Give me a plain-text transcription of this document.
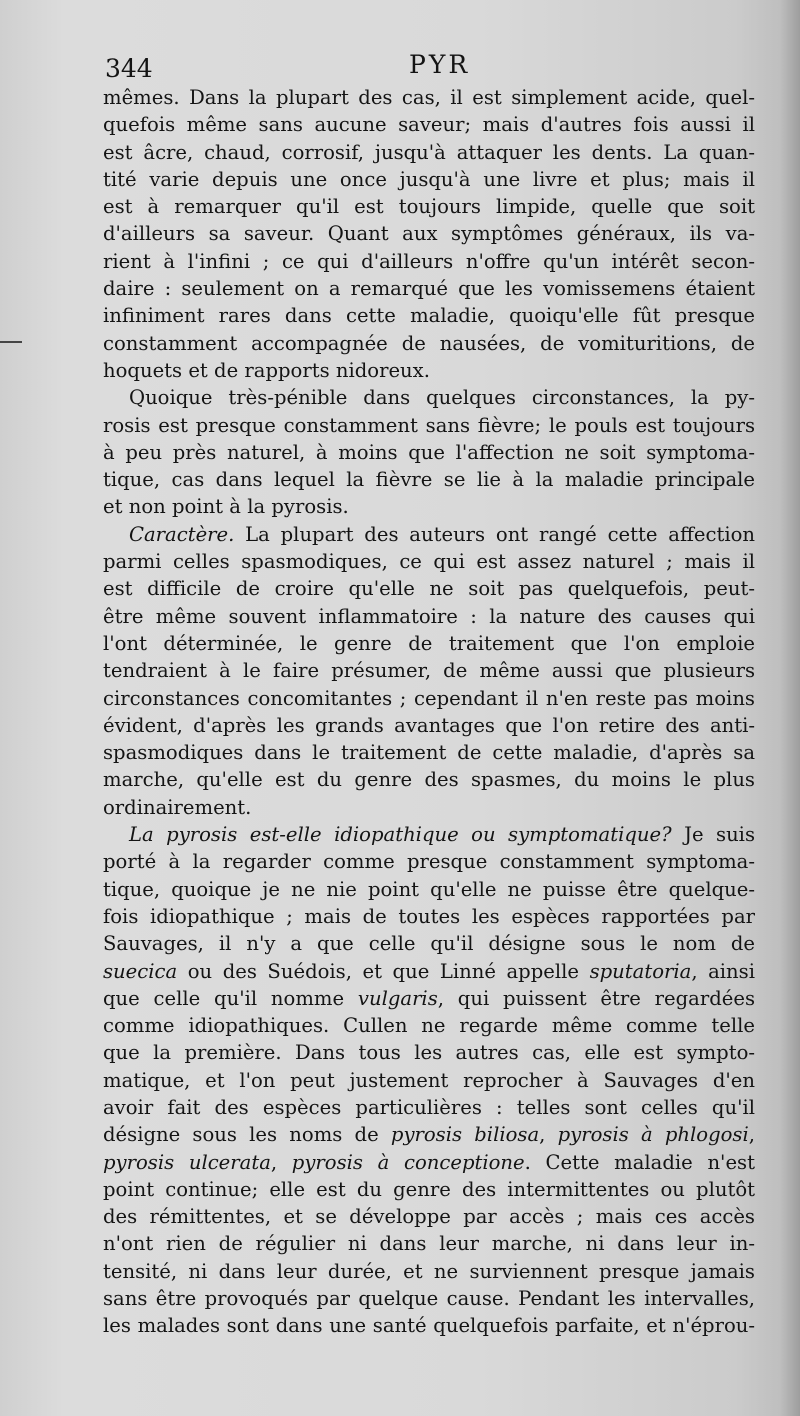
344	PYR
mêmes. Dans la plupart des cas, il est simplement acide, quel-
quefois même sans aucune saveur; mais d'autres fois aussi il
est âcre, chaud, corrosif, jusqu'à attaquer les dents. La quan-
tité varie depuis une once jusqu'à une livre et plus; mais il
est à remarquer qu'il est toujours limpide, quelle que soit
d'ailleurs sa saveur. Quant aux symptômes généraux, ils va-
rient à l'infini ; ce qui d'ailleurs n'offre qu'un intérêt secon-
daire : seulement on a remarqué que les vomissemens étaient
infiniment rares dans cette maladie, quoiqu'elle fût presque
constamment accompagnée de nausées, de vomituritions, de
hoquets et de rapports nidoreux.
Quoique très-pénible dans quelques circonstances, la py-
rosis est presque constamment sans fièvre; le pouls est toujours
à peu près naturel, à moins que l'affection ne soit symptoma-
tique, cas dans lequel la fièvre se lie à la maladie principale
et non point à la pyrosis.
Caractère. La plupart des auteurs ont rangé cette affection
parmi celles spasmodiques, ce qui est assez naturel ; mais il
est difficile de croire qu'elle ne soit pas quelquefois, peut-
être même souvent inflammatoire : la nature des causes qui
l'ont déterminée, le genre de traitement que l'on emploie
tendraient à le faire présumer, de même aussi que plusieurs
circonstances concomitantes ; cependant il n'en reste pas moins
évident, d'après les grands avantages que l'on retire des anti-
spasmodiques dans le traitement de cette maladie, d'après sa
marche, qu'elle est du genre des spasmes, du moins le plus
ordinairement.
La pyrosis est-elle idiopathique ou symptomatique? Je suis
porté à la regarder comme presque constamment symptoma-
tique, quoique je ne nie point qu'elle ne puisse être quelque-
fois idiopathique ; mais de toutes les espèces rapportées par
Sauvages, il n'y a que celle qu'il désigne sous le nom de
suecica ou des Suédois, et que Linné appelle sputatoria, ainsi
que celle qu'il nomme vulgaris, qui puissent être regardées
comme idiopathiques. Cullen ne regarde même comme telle
que la première. Dans tous les autres cas, elle est sympto-
matique, et l'on peut justement reprocher à Sauvages d'en
avoir fait des espèces particulières : telles sont celles qu'il
désigne sous les noms de pyrosis biliosa, pyrosis à phlogosi,
pyrosis ulcerata, pyrosis à conceptione. Cette maladie n'est
point continue; elle est du genre des intermittentes ou plutôt
des rémittentes, et se développe par accès ; mais ces accès
n'ont rien de régulier ni dans leur marche, ni dans leur in-
tensité, ni dans leur durée, et ne surviennent presque jamais
sans être provoqués par quelque cause. Pendant les intervalles,
les malades sont dans une santé quelquefois parfaite, et n'éprou-
